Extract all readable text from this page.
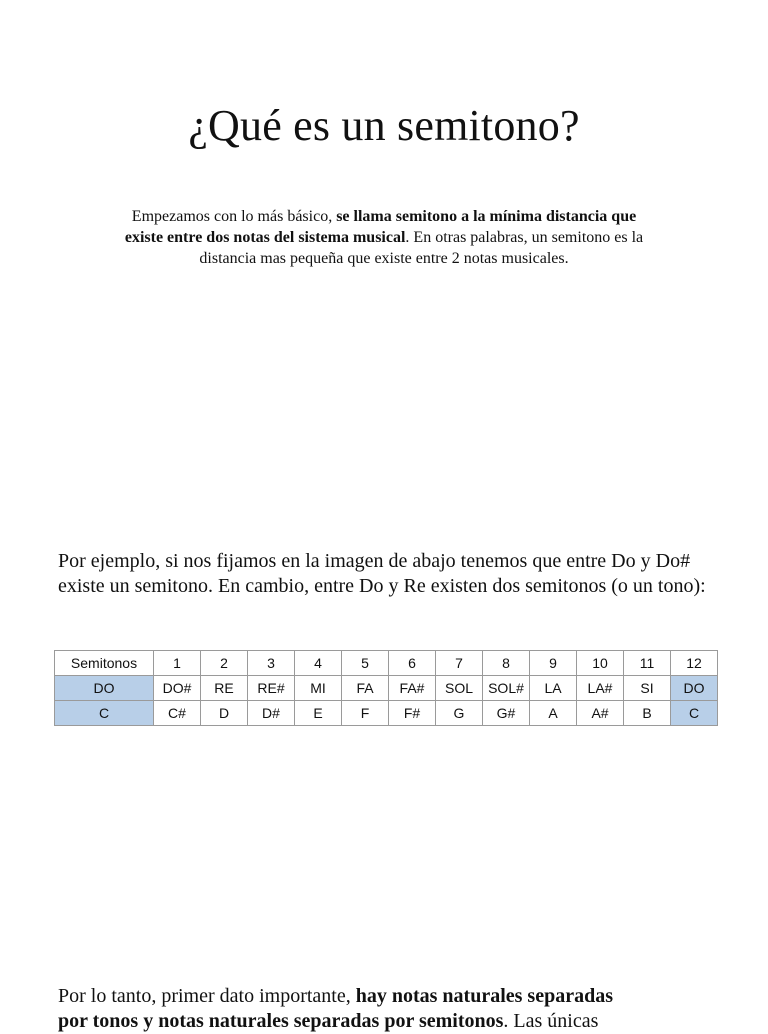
¿Qué es un semitono?

Empezamos con lo más básico, se llama semitono a la mínima distancia que existe entre dos notas del sistema musical. En otras palabras, un semitono es la distancia mas pequeña que existe entre 2 notas musicales.

Por ejemplo, si nos fijamos en la imagen de abajo tenemos que entre Do y Do# existe un semitono. En cambio, entre Do y Re existen dos semitonos (o un tono):

Semitonos	1	2	3	4	5	6	7	8	9	10	11	12
DO	DO#	RE	RE#	MI	FA	FA#	SOL	SOL#	LA	LA#	SI	DO
C	C#	D	D#	E	F	F#	G	G#	A	A#	B	C

Por lo tanto, primer dato importante, hay notas naturales separadas
por tonos y notas naturales separadas por semitonos. Las únicas
